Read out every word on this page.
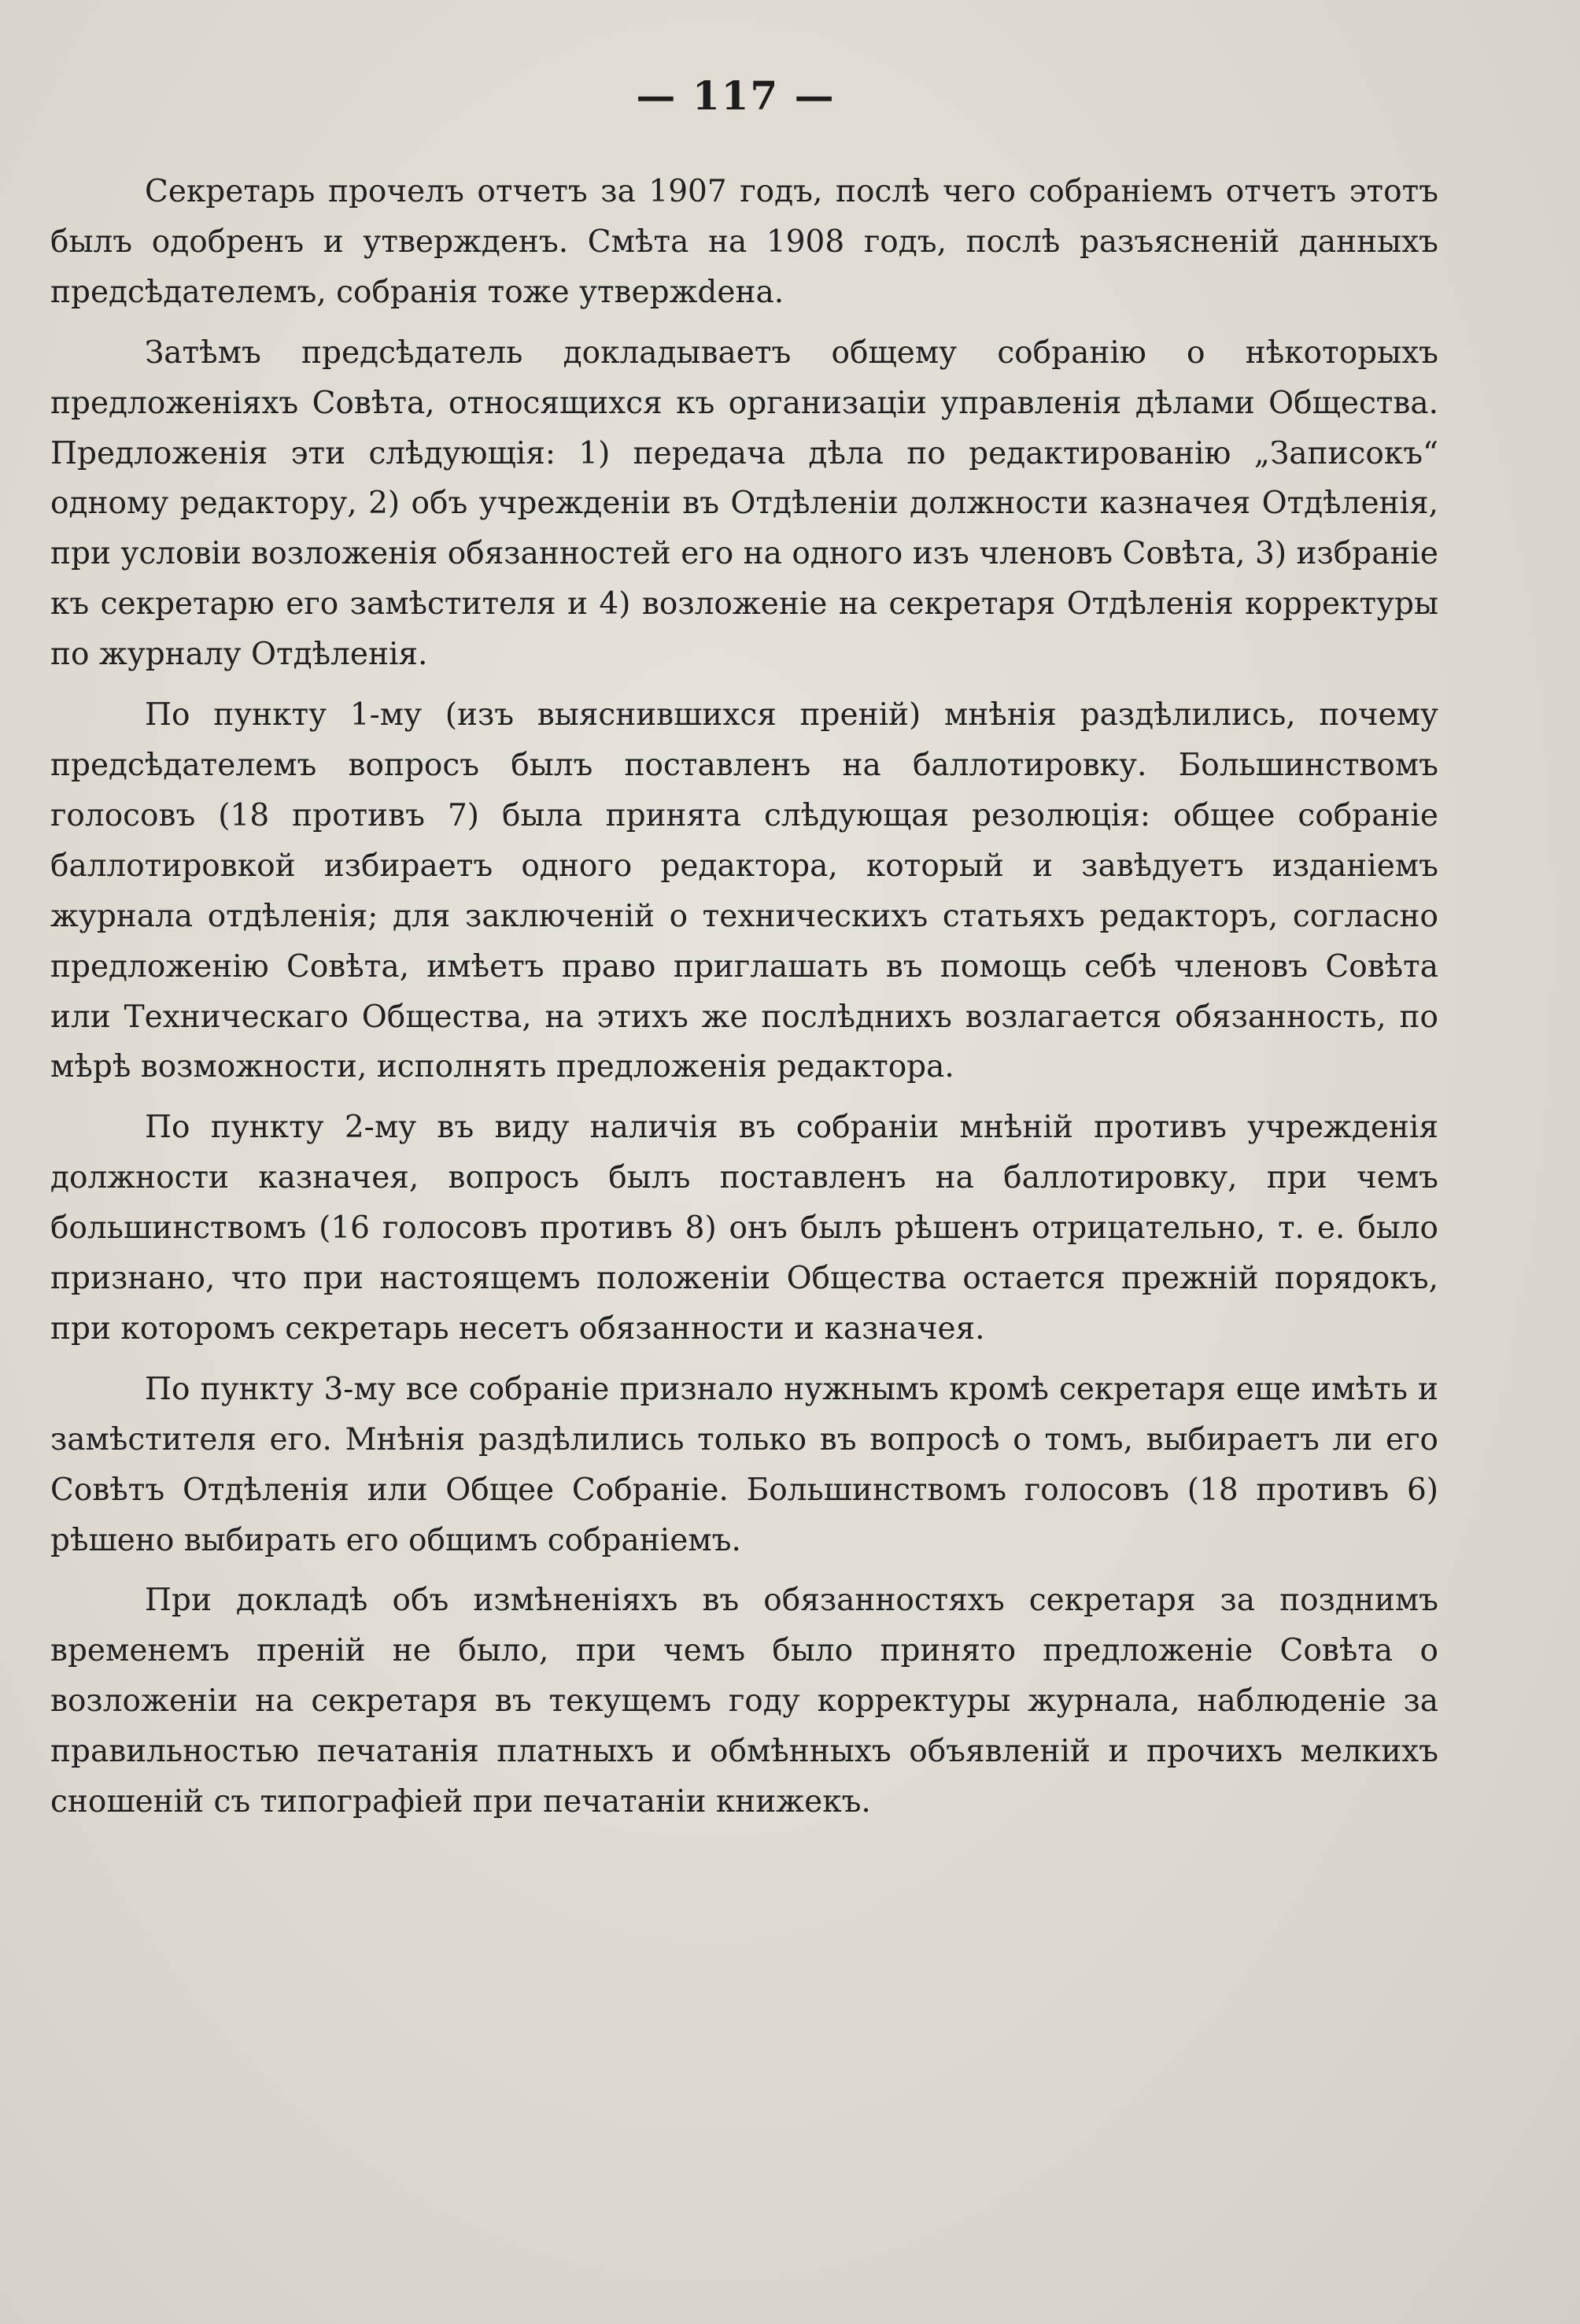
— 117 —

Секретарь прочелъ отчетъ за 1907 годъ, послѣ чего собраніемъ отчетъ этотъ былъ одобренъ и утвержденъ. Смѣта на 1908 годъ, послѣ разъясненій данныхъ предсѣдателемъ, собранія тоже утвержdена.

Затѣмъ предсѣдатель докладываетъ общему собранію о нѣкоторыхъ предложеніяхъ Совѣта, относящихся къ организаціи управленія дѣлами Общества. Предложенія эти слѣдующія: 1) передача дѣла по редактированію „Записокъ“ одному редактору, 2) объ учрежденіи въ Отдѣленіи должности казначея Отдѣленія, при условіи возложенія обязанностей его на одного изъ членовъ Совѣта, 3) избраніе къ секретарю его замѣстителя и 4) возложеніе на секретаря Отдѣленія корректуры по журналу Отдѣленія.

По пункту 1-му (изъ выяснившихся преній) мнѣнія раздѣлились, почему предсѣдателемъ вопросъ былъ поставленъ на баллотировку. Большинствомъ голосовъ (18 противъ 7) была принята слѣдующая резолюція: общее собраніе баллотировкой избираетъ одного редактора, который и завѣдуетъ изданіемъ журнала отдѣленія; для заключеній о техническихъ статьяхъ редакторъ, согласно предложенію Совѣта, имѣетъ право приглашать въ помощь себѣ членовъ Совѣта или Техническаго Общества, на этихъ же послѣднихъ возлагается обязанность, по мѣрѣ возможности, исполнять предложенія редактора.

По пункту 2-му въ виду наличія въ собраніи мнѣній противъ учрежденія должности казначея, вопросъ былъ поставленъ на баллотировку, при чемъ большинствомъ (16 голосовъ противъ 8) онъ былъ рѣшенъ отрицательно, т. е. было признано, что при настоящемъ положеніи Общества остается прежній порядокъ, при которомъ секретарь несетъ обязанности и казначея.

По пункту 3-му все собраніе признало нужнымъ кромѣ секретаря еще имѣть и замѣстителя его. Мнѣнія раздѣлились только въ вопросѣ о томъ, выбираетъ ли его Совѣтъ Отдѣленія или Общее Собраніе. Большинствомъ голосовъ (18 противъ 6) рѣшено выбирать его общимъ собраніемъ.

При докладѣ объ измѣненіяхъ въ обязанностяхъ секретаря за позднимъ временемъ преній не было, при чемъ было принято предложеніе Совѣта о возложеніи на секретаря въ текущемъ году корректуры журнала, наблюденіе за правильностью печатанія платныхъ и обмѣнныхъ объявленій и прочихъ мелкихъ сношеній съ типографіей при печатаніи книжекъ.
